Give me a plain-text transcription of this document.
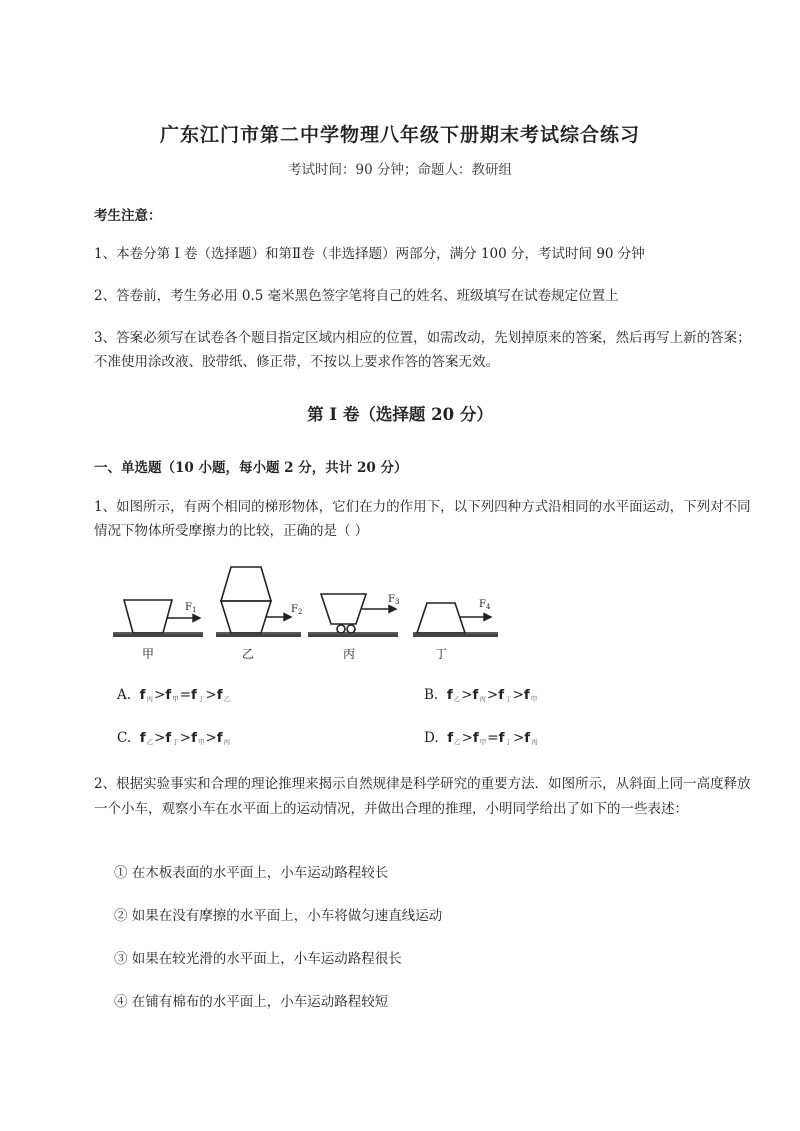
广东江门市第二中学物理八年级下册期末考试综合练习
考试时间：90 分钟；命题人：教研组
考生注意：
1、本卷分第 I 卷（选择题）和第Ⅱ卷（非选择题）两部分，满分 100 分，考试时间 90 分钟
2、答卷前，考生务必用 0.5 毫米黑色签字笔将自己的姓名、班级填写在试卷规定位置上
3、答案必须写在试卷各个题目指定区域内相应的位置，如需改动，先划掉原来的答案，然后再写上新的答案；不准使用涂改液、胶带纸、修正带，不按以上要求作答的答案无效。
第 I 卷（选择题 20 分）
一、单选题（10 小题，每小题 2 分，共计 20 分）
1、如图所示，有两个相同的梯形物体，它们在力的作用下，以下列四种方式沿相同的水平面运动，下列对不同情况下物体所受摩擦力的比较，正确的是（ ）
$F_1$	$F_2$
$F_3$	$F_4$
甲	乙	丙	丁
A. $f_丙>f_甲=f_丁>f_乙$	B. $f_乙>f_丙>f_丁>f_甲$
C. $f_乙>f_丁>f_甲>f_丙$	D. $f_乙>f_甲=f_丁>f_丙$
2、根据实验事实和合理的理论推理来揭示自然规律是科学研究的重要方法．如图所示，从斜面上同一高度释放一个小车，观察小车在水平面上的运动情况，并做出合理的推理，小明同学给出了如下的一些表述：
① 在木板表面的水平面上，小车运动路程较长
② 如果在没有摩擦的水平面上，小车将做匀速直线运动
③ 如果在较光滑的水平面上，小车运动路程很长
④ 在铺有棉布的水平面上，小车运动路程较短
